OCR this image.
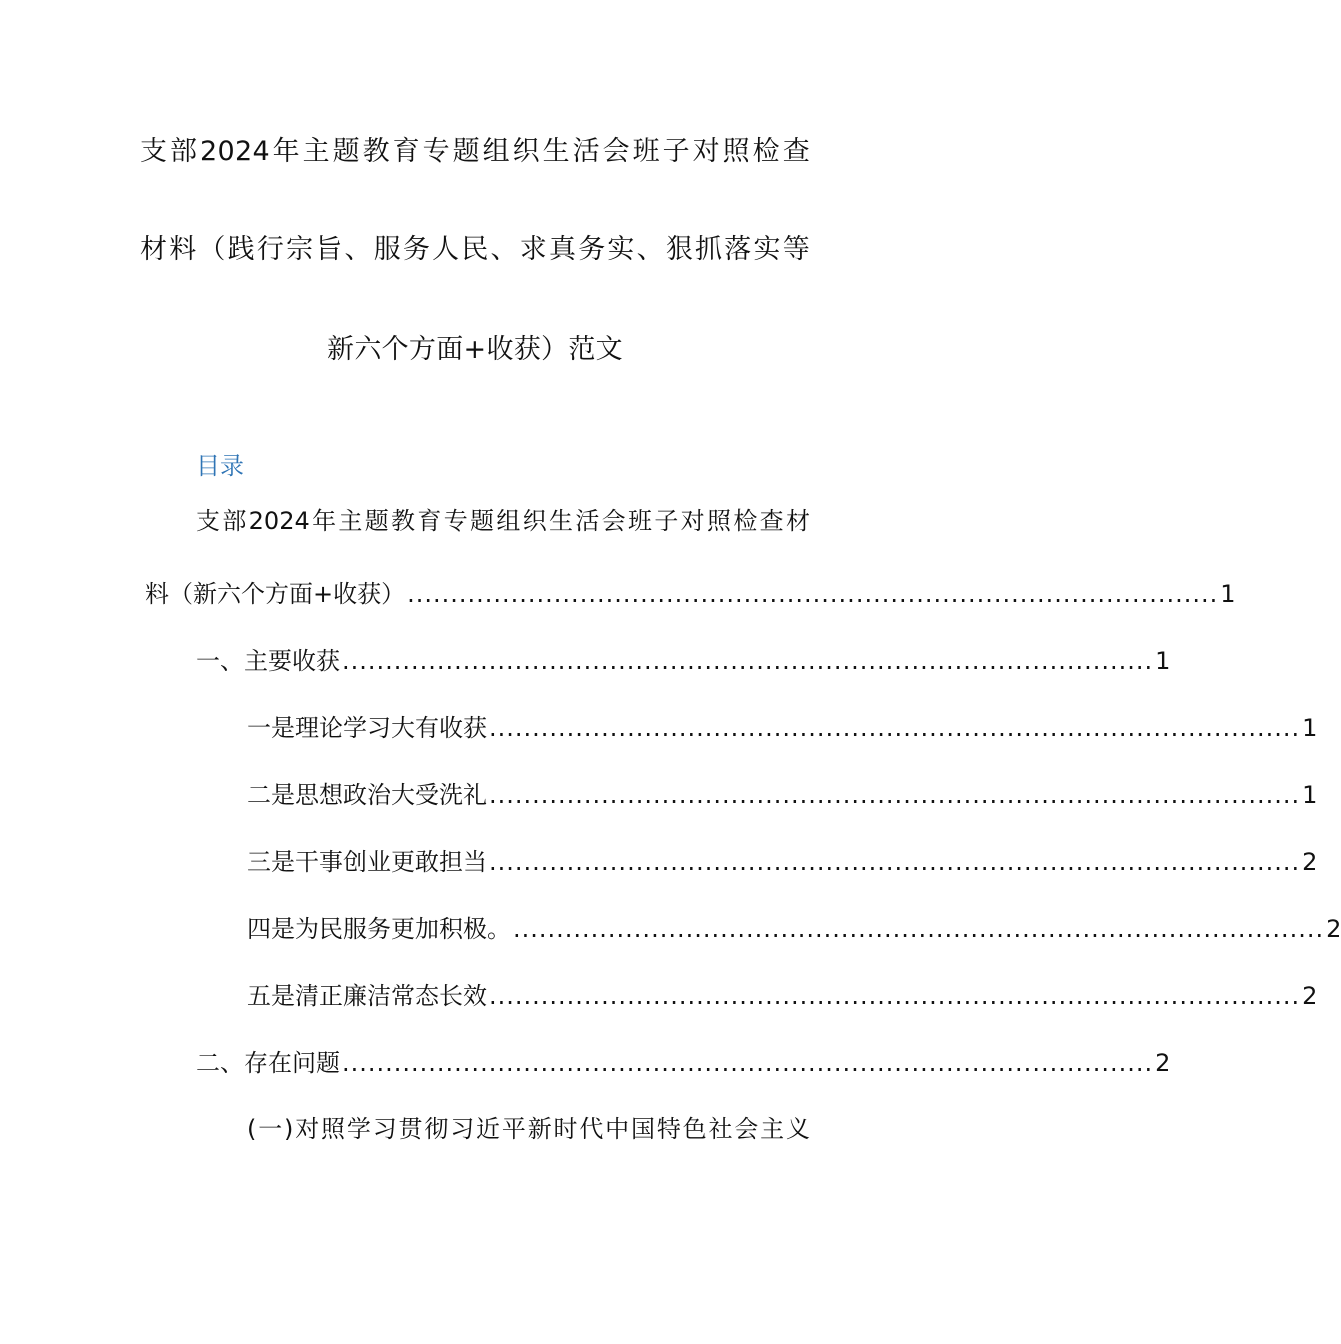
支部2024年主题教育专题组织生活会班子对照检查
材料（践行宗旨、服务人民、求真务实、狠抓落实等
新六个方面+收获）范文
目录
支部2024年主题教育专题组织生活会班子对照检查材
料（新六个方面+收获） .............................................................................................. 1
一、主要收获 .............................................................................................. 1
一是理论学习大有收获 .............................................................................................. 1
二是思想政治大受洗礼 .............................................................................................. 1
三是干事创业更敢担当 .............................................................................................. 2
四是为民服务更加积极。 .............................................................................................. 2
五是清正廉洁常态长效 .............................................................................................. 2
二、存在问题 .............................................................................................. 2
(一)对照学习贯彻习近平新时代中国特色社会主义
